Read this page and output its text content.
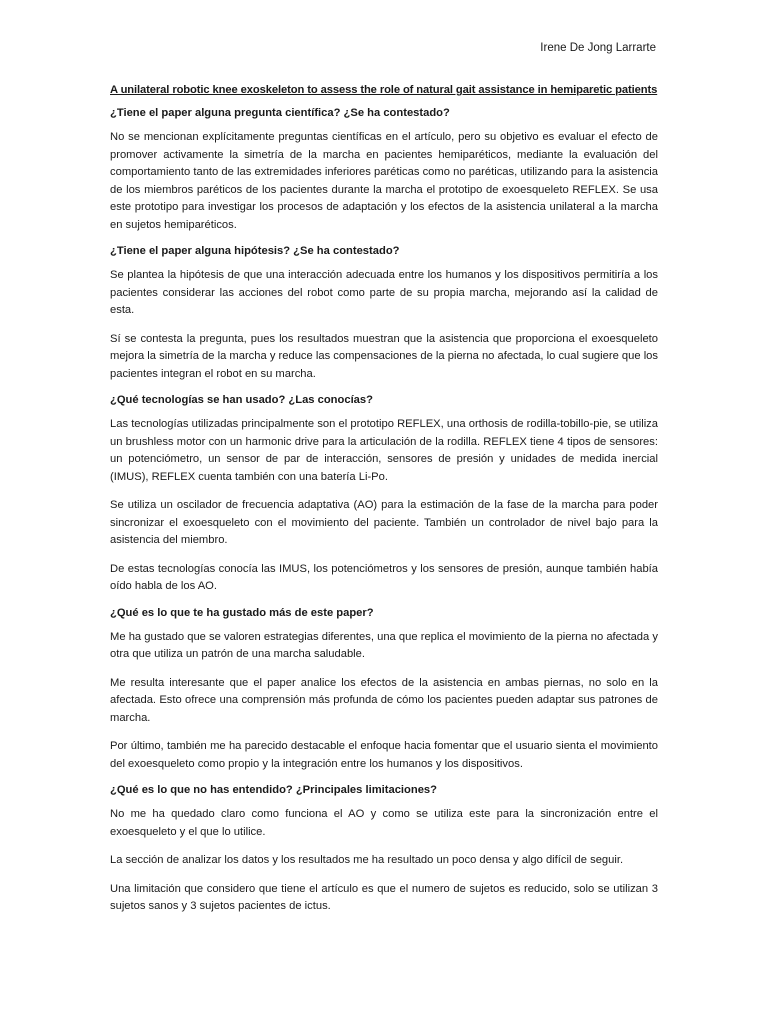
Irene De Jong Larrarte
A unilateral robotic knee exoskeleton to assess the role of natural gait assistance in hemiparetic patients
¿Tiene el paper alguna pregunta científica? ¿Se ha contestado?

No se mencionan explícitamente preguntas científicas en el artículo, pero su objetivo es evaluar el efecto de promover activamente la simetría de la marcha en pacientes hemiparéticos, mediante la evaluación del comportamiento tanto de las extremidades inferiores paréticas como no paréticas, utilizando para la asistencia de los miembros paréticos de los pacientes durante la marcha el prototipo de exoesqueleto REFLEX. Se usa este prototipo para investigar los procesos de adaptación y los efectos de la asistencia unilateral a la marcha en sujetos hemiparéticos.

¿Tiene el paper alguna hipótesis? ¿Se ha contestado?

Se plantea la hipótesis de que una interacción adecuada entre los humanos y los dispositivos permitiría a los pacientes considerar las acciones del robot como parte de su propia marcha, mejorando así la calidad de esta.

Sí se contesta la pregunta, pues los resultados muestran que la asistencia que proporciona el exoesqueleto mejora la simetría de la marcha y reduce las compensaciones de la pierna no afectada, lo cual sugiere que los pacientes integran el robot en su marcha.

¿Qué tecnologías se han usado? ¿Las conocías?

Las tecnologías utilizadas principalmente son el prototipo REFLEX, una orthosis de rodilla-tobillo-pie, se utiliza un brushless motor con un harmonic drive para la articulación de la rodilla. REFLEX tiene 4 tipos de sensores: un potenciómetro, un sensor de par de interacción, sensores de presión y unidades de medida inercial (IMUS), REFLEX cuenta también con una batería Li-Po.

Se utiliza un oscilador de frecuencia adaptativa (AO) para la estimación de la fase de la marcha para poder sincronizar el exoesqueleto con el movimiento del paciente. También un controlador de nivel bajo para la asistencia del miembro.

De estas tecnologías conocía las IMUS, los potenciómetros y los sensores de presión, aunque también había oído habla de los AO.

¿Qué es lo que te ha gustado más de este paper?

Me ha gustado que se valoren estrategias diferentes, una que replica el movimiento de la pierna no afectada y otra que utiliza un patrón de una marcha saludable.

Me resulta interesante que el paper analice los efectos de la asistencia en ambas piernas, no solo en la afectada. Esto ofrece una comprensión más profunda de cómo los pacientes pueden adaptar sus patrones de marcha.

Por último, también me ha parecido destacable el enfoque hacia fomentar que el usuario sienta el movimiento del exoesqueleto como propio y la integración entre los humanos y los dispositivos.

¿Qué es lo que no has entendido? ¿Principales limitaciones?

No me ha quedado claro como funciona el AO y como se utiliza este para la sincronización entre el exoesqueleto y el que lo utilice.

La sección de analizar los datos y los resultados me ha resultado un poco densa y algo difícil de seguir.

Una limitación que considero que tiene el artículo es que el numero de sujetos es reducido, solo se utilizan 3 sujetos sanos y 3 sujetos pacientes de ictus.
